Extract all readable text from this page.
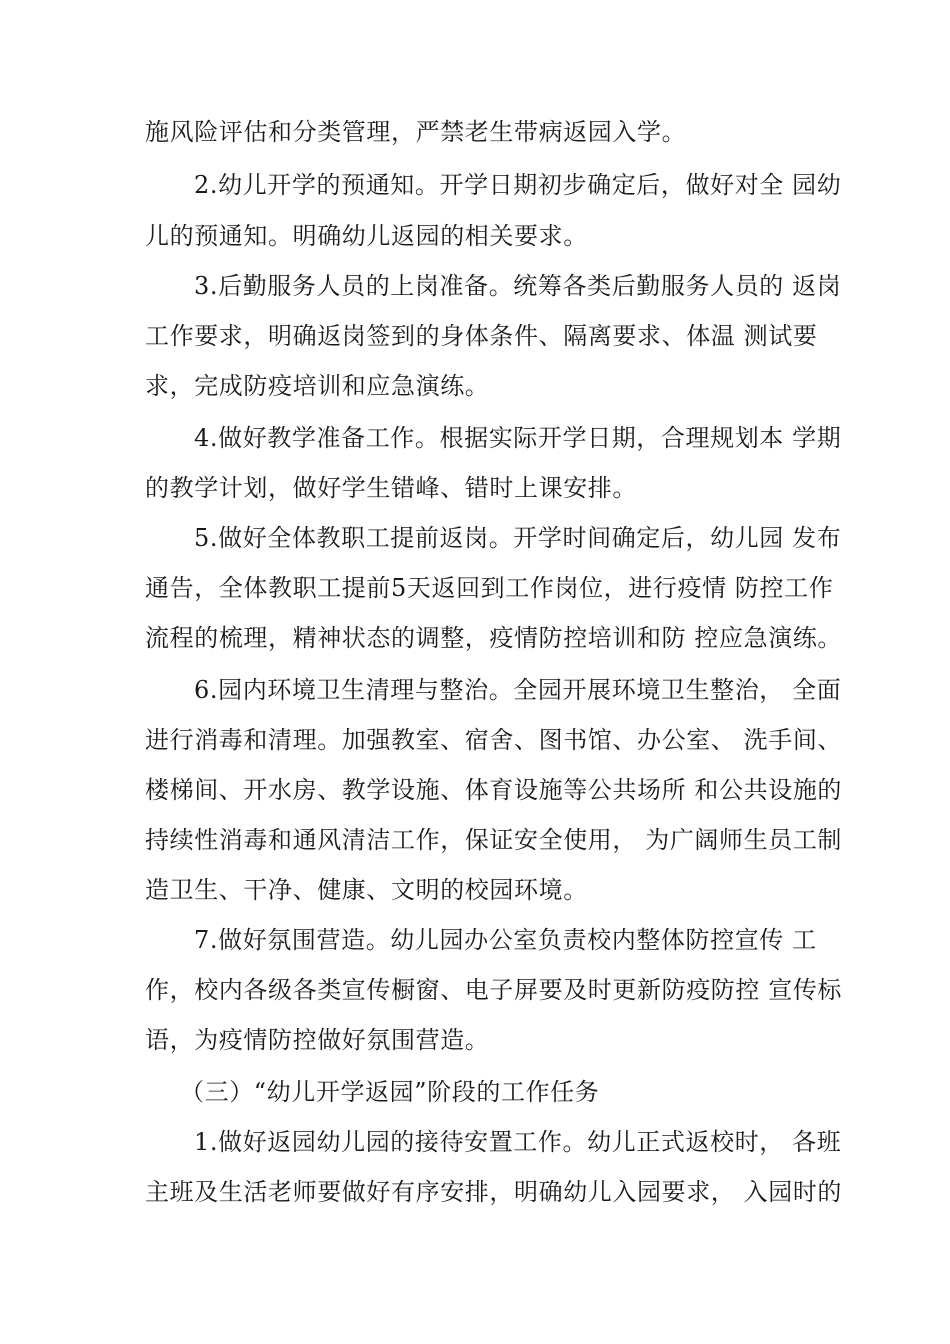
施风险评估和分类管理，严禁老生带病返园入学。
2.幼儿开学的预通知。开学日期初步确定后，做好对全 园幼
儿的预通知。明确幼儿返园的相关要求。
3.后勤服务人员的上岗准备。统筹各类后勤服务人员的 返岗
工作要求，明确返岗签到的身体条件、隔离要求、体温 测试要
求，完成防疫培训和应急演练。
4.做好教学准备工作。根据实际开学日期，合理规划本 学期
的教学计划，做好学生错峰、错时上课安排。
5.做好全体教职工提前返岗。开学时间确定后，幼儿园 发布
通告，全体教职工提前5天返回到工作岗位，进行疫情 防控工作
流程的梳理，精神状态的调整，疫情防控培训和防 控应急演练。
6.园内环境卫生清理与整治。全园开展环境卫生整治， 全面
进行消毒和清理。加强教室、宿舍、图书馆、办公室、 洗手间、
楼梯间、开水房、教学设施、体育设施等公共场所 和公共设施的
持续性消毒和通风清洁工作，保证安全使用， 为广阔师生员工制
造卫生、干净、健康、文明的校园环境。
7.做好氛围营造。幼儿园办公室负责校内整体防控宣传 工
作，校内各级各类宣传橱窗、电子屏要及时更新防疫防控 宣传标
语，为疫情防控做好氛围营造。
（三）“幼儿开学返园”阶段的工作任务
1.做好返园幼儿园的接待安置工作。幼儿正式返校时， 各班
主班及生活老师要做好有序安排，明确幼儿入园要求， 入园时的
